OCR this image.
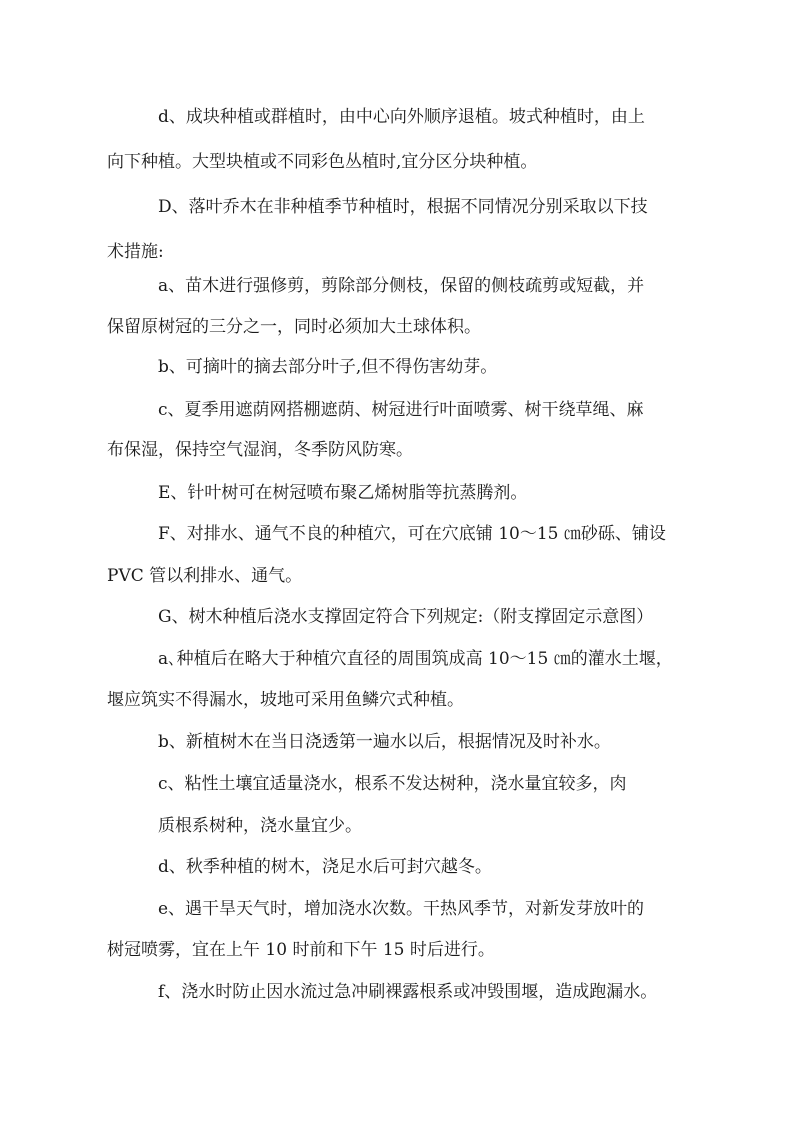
d、成块种植或群植时，由中心向外顺序退植。坡式种植时，由上

向下种植。大型块植或不同彩色丛植时,宜分区分块种植。

D、落叶乔木在非种植季节种植时，根据不同情况分别采取以下技

术措施:

a、苗木进行强修剪，剪除部分侧枝，保留的侧枝疏剪或短截，并

保留原树冠的三分之一，同时必须加大土球体积。

b、可摘叶的摘去部分叶子,但不得伤害幼芽。

c、夏季用遮荫网搭棚遮荫、树冠进行叶面喷雾、树干绕草绳、麻

布保湿，保持空气湿润，冬季防风防寒。

E、针叶树可在树冠喷布聚乙烯树脂等抗蒸腾剂。

F、对排水、通气不良的种植穴，可在穴底铺 10～15 ㎝砂砾、铺设

PVC 管以利排水、通气。

G、树木种植后浇水支撑固定符合下列规定:（附支撑固定示意图）

a､种植后在略大于种植穴直径的周围筑成高 10～15 ㎝的灌水土堰，

堰应筑实不得漏水，坡地可采用鱼鳞穴式种植。

b、新植树木在当日浇透第一遍水以后，根据情况及时补水。

c、粘性土壤宜适量浇水，根系不发达树种，浇水量宜较多，肉

质根系树种，浇水量宜少。

d、秋季种植的树木，浇足水后可封穴越冬。

e、遇干旱天气时，增加浇水次数。干热风季节，对新发芽放叶的

树冠喷雾，宜在上午 10 时前和下午 15 时后进行。

f、浇水时防止因水流过急冲刷裸露根系或冲毁围堰，造成跑漏水。
